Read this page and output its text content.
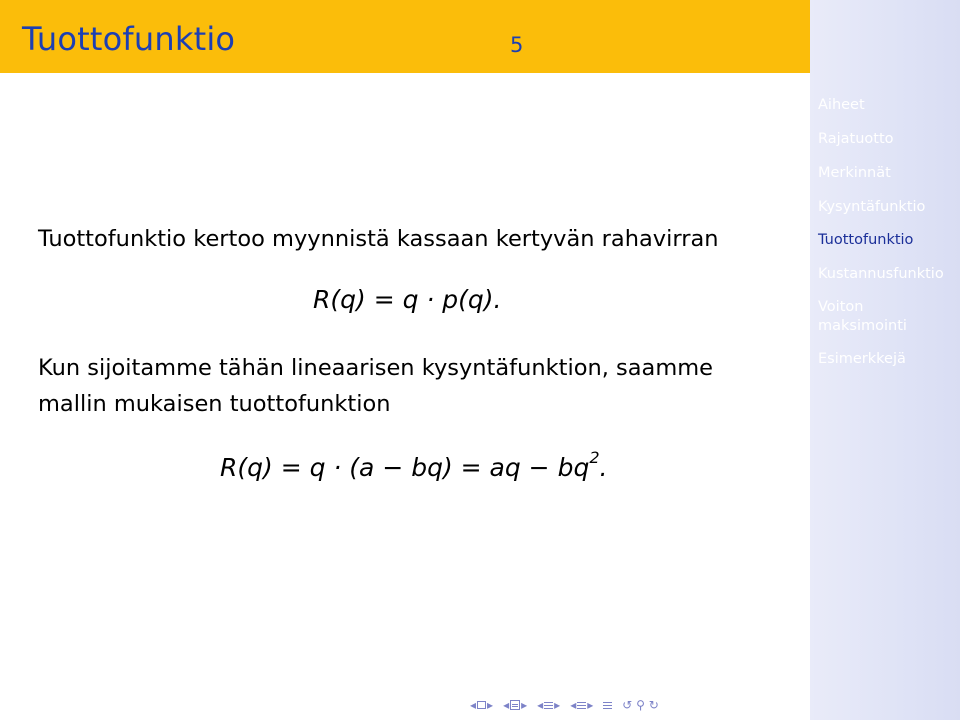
Tuottofunktio	5
Aiheet
Rajatuotto
Merkinnät
Kysyntäfunktio
Tuottofunktio
Kustannusfunktio
Voiton
maksimointi
Esimerkkejä
Tuottofunktio kertoo myynnistä kassaan kertyvän rahavirran
R(q) = q · p(q).
Kun sijoitamme tähän lineaarisen kysyntäfunktion, saamme
mallin mukaisen tuottofunktion
R(q) = q · (a − bq) = aq − $bq^2$.
◂ ▸ ◂ ▸ ◂ ▸ ◂ ▸ ↺ ⚲ ↻
